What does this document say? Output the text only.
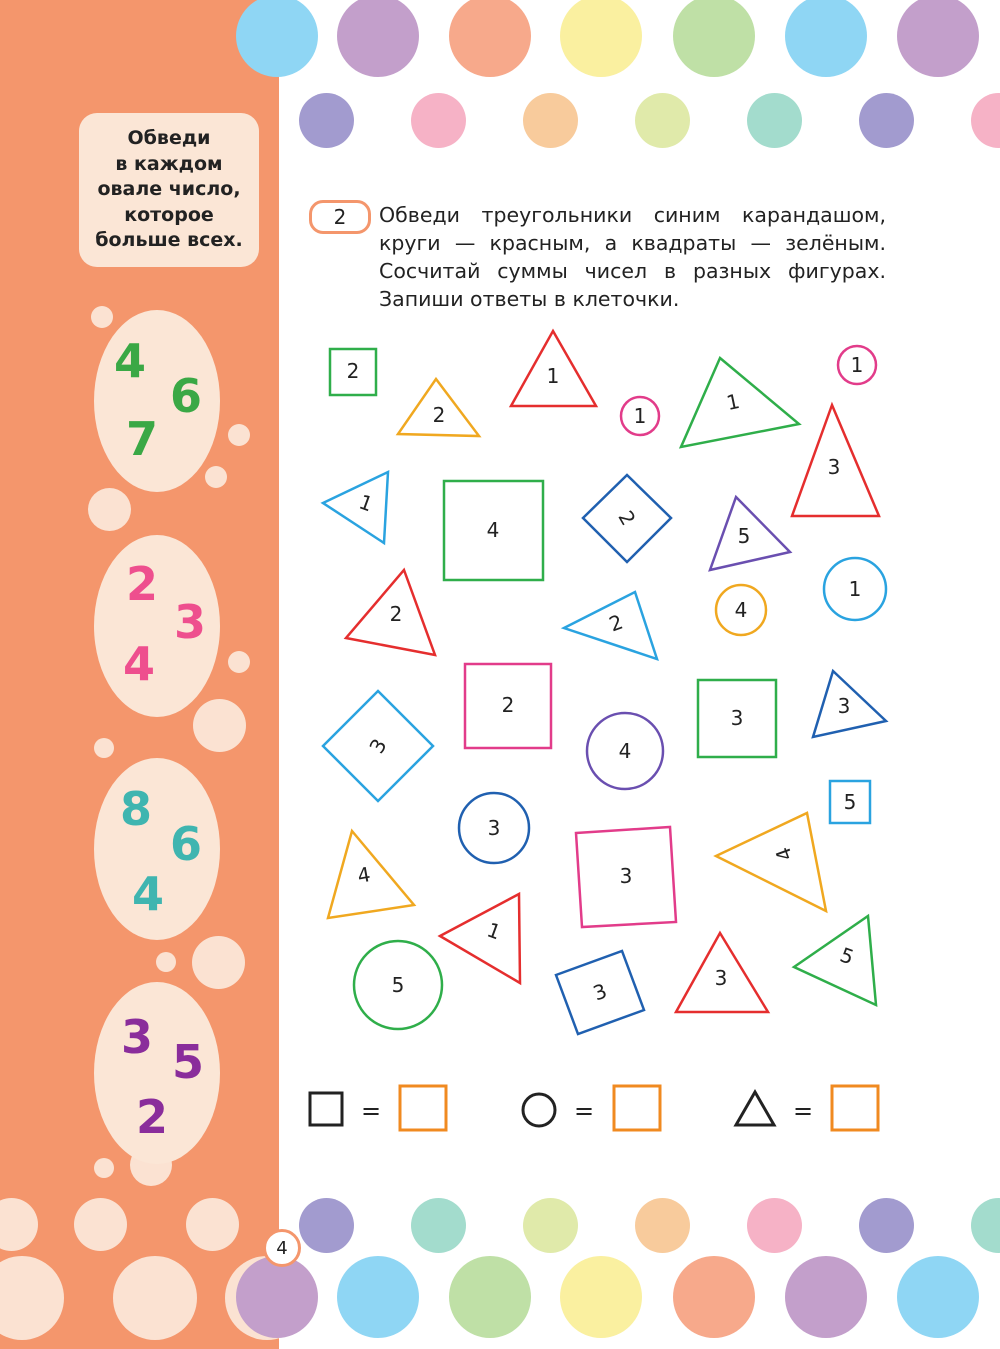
Обведи
в каждом
овале число,
которое
больше всех.
4
6
7
2
3
4
8
6
4
3 5
2
2	Обведи треугольники синим карандашом,
круги — красным, а квадраты — зелёным.
Сосчитай суммы чисел в разных фигурах.
Запиши ответы в клеточки.
2
2
1
1
1
1
3
1
4	2
5
1
2	2	4
2
3	3
3	4
5
3
3
4
4
1
5	3
3
5
=	=	=
4
